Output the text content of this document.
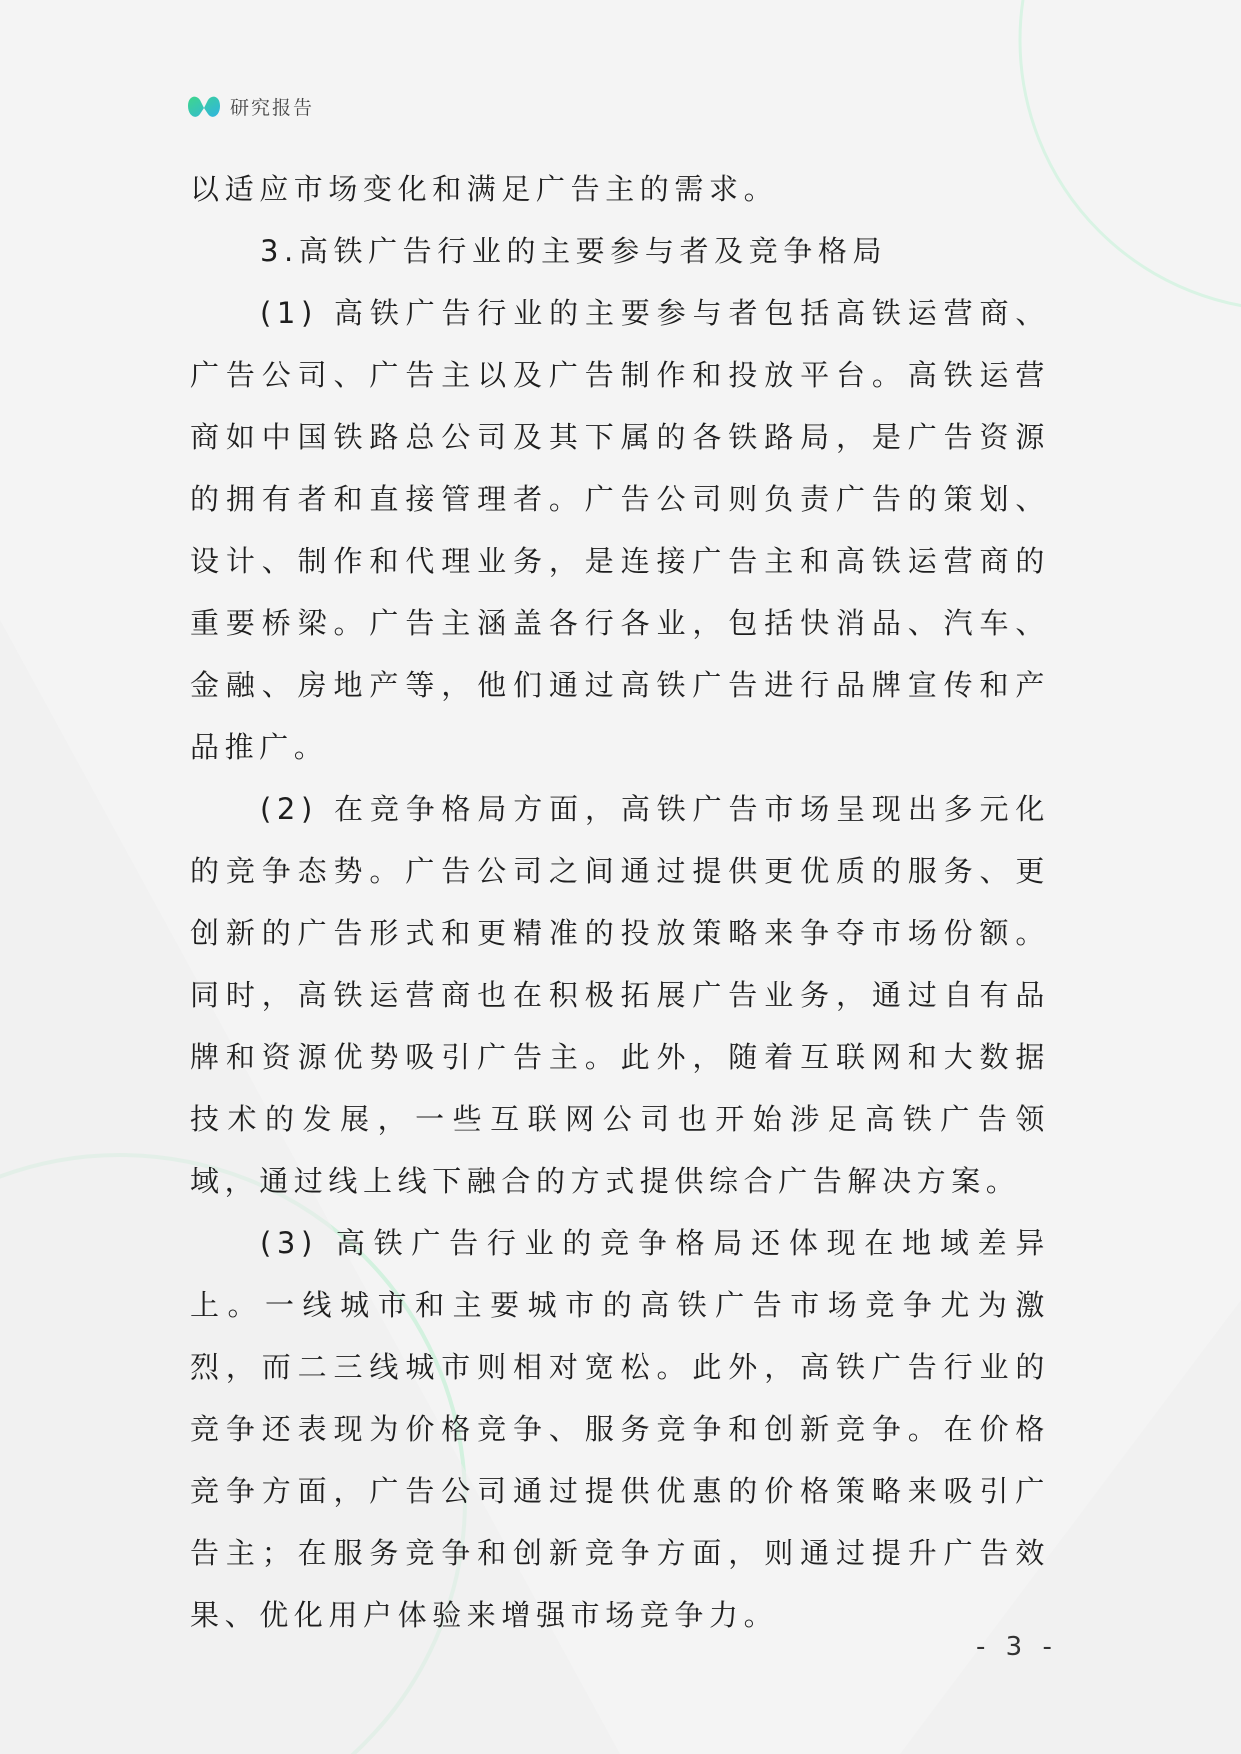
研究报告

以适应市场变化和满足广告主的需求。

3.高铁广告行业的主要参与者及竞争格局

(1) 高铁广告行业的主要参与者包括高铁运营商、广告公司、广告主以及广告制作和投放平台。高铁运营商如中国铁路总公司及其下属的各铁路局，是广告资源的拥有者和直接管理者。广告公司则负责广告的策划、设计、制作和代理业务，是连接广告主和高铁运营商的重要桥梁。广告主涵盖各行各业，包括快消品、汽车、金融、房地产等，他们通过高铁广告进行品牌宣传和产品推广。

(2) 在竞争格局方面，高铁广告市场呈现出多元化的竞争态势。广告公司之间通过提供更优质的服务、更创新的广告形式和更精准的投放策略来争夺市场份额。同时，高铁运营商也在积极拓展广告业务，通过自有品牌和资源优势吸引广告主。此外，随着互联网和大数据技术的发展，一些互联网公司也开始涉足高铁广告领域，通过线上线下融合的方式提供综合广告解决方案。

(3) 高铁广告行业的竞争格局还体现在地域差异上。一线城市和主要城市的高铁广告市场竞争尤为激烈，而二三线城市则相对宽松。此外，高铁广告行业的竞争还表现为价格竞争、服务竞争和创新竞争。在价格竞争方面，广告公司通过提供优惠的价格策略来吸引广告主；在服务竞争和创新竞争方面，则通过提升广告效果、优化用户体验来增强市场竞争力。

- 3 -
